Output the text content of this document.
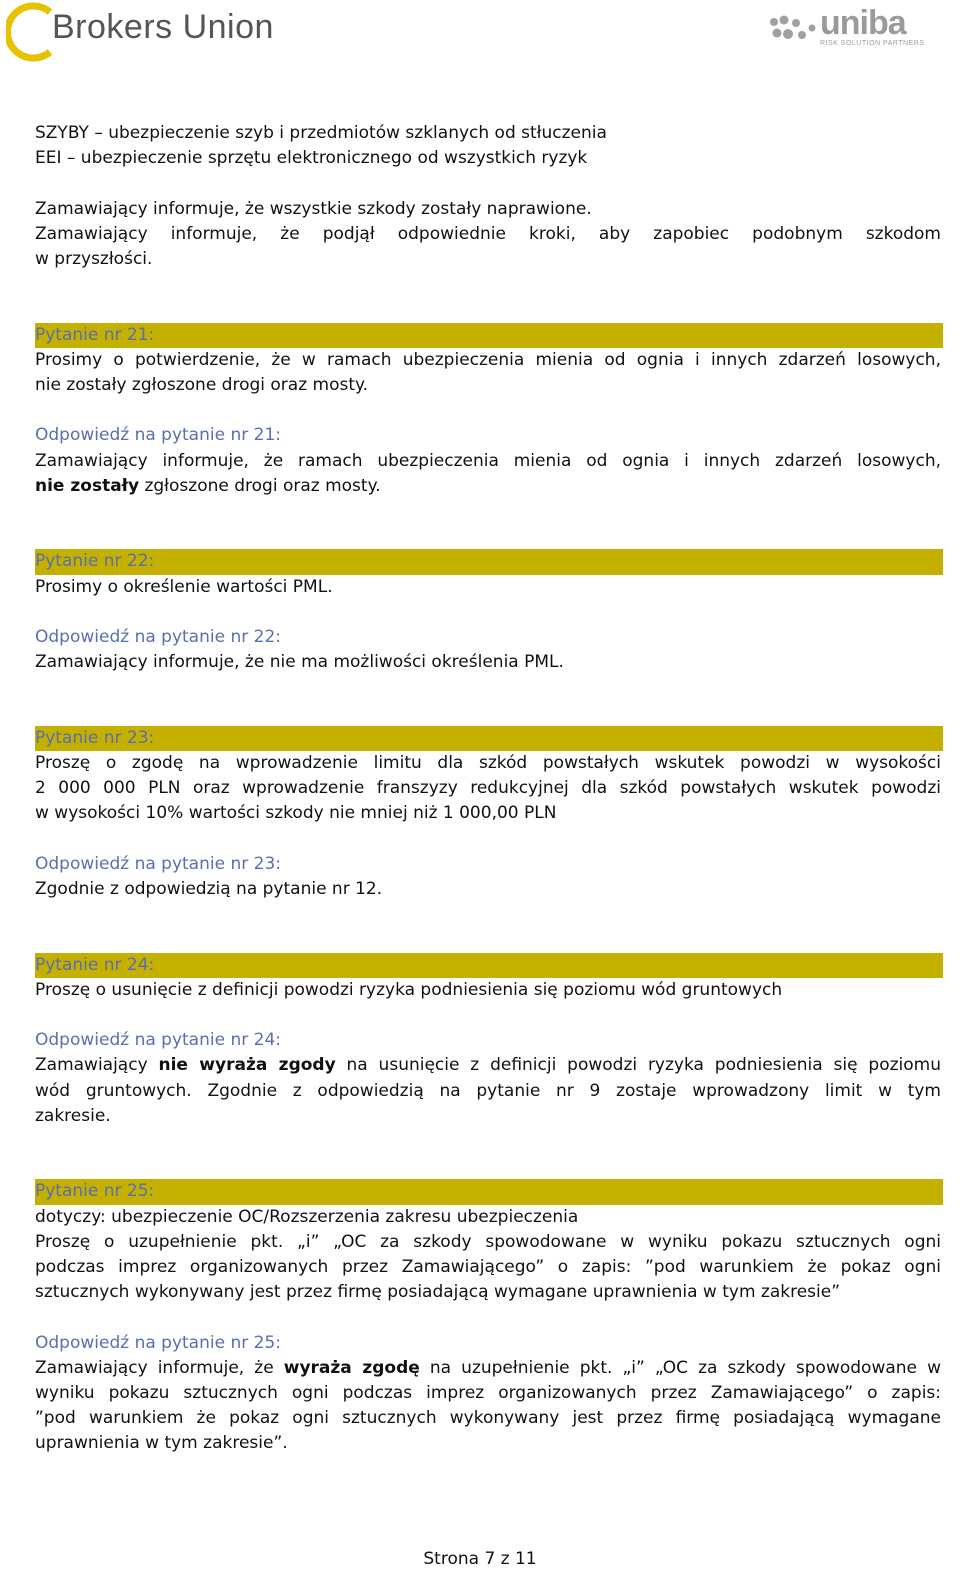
Brokers Union	uniba
RISK SOLUTION PARTNERS
SZYBY – ubezpieczenie szyb i przedmiotów szklanych od stłuczenia
EEI – ubezpieczenie sprzętu elektronicznego od wszystkich ryzyk
Zamawiający informuje, że wszystkie szkody zostały naprawione.
Zamawiający informuje, że podjął odpowiednie kroki, aby zapobiec podobnym szkodom
w przyszłości.
Pytanie nr 21:
Prosimy o potwierdzenie, że w ramach ubezpieczenia mienia od ognia i innych zdarzeń losowych,
nie zostały zgłoszone drogi oraz mosty.
Odpowiedź na pytanie nr 21:
Zamawiający informuje, że ramach ubezpieczenia mienia od ognia i innych zdarzeń losowych,
nie zostały zgłoszone drogi oraz mosty.
Pytanie nr 22:
Prosimy o określenie wartości PML.
Odpowiedź na pytanie nr 22:
Zamawiający informuje, że nie ma możliwości określenia PML.
Pytanie nr 23:
Proszę o zgodę na wprowadzenie limitu dla szkód powstałych wskutek powodzi w wysokości
2 000 000 PLN oraz wprowadzenie franszyzy redukcyjnej dla szkód powstałych wskutek powodzi
w wysokości 10% wartości szkody nie mniej niż 1 000,00 PLN
Odpowiedź na pytanie nr 23:
Zgodnie z odpowiedzią na pytanie nr 12.
Pytanie nr 24:
Proszę o usunięcie z definicji powodzi ryzyka podniesienia się poziomu wód gruntowych
Odpowiedź na pytanie nr 24:
Zamawiający nie wyraża zgody na usunięcie z definicji powodzi ryzyka podniesienia się poziomu
wód gruntowych. Zgodnie z odpowiedzią na pytanie nr 9 zostaje wprowadzony limit w tym
zakresie.
Pytanie nr 25:
dotyczy: ubezpieczenie OC/Rozszerzenia zakresu ubezpieczenia
Proszę o uzupełnienie pkt. „i” „OC za szkody spowodowane w wyniku pokazu sztucznych ogni
podczas imprez organizowanych przez Zamawiającego” o zapis: ”pod warunkiem że pokaz ogni
sztucznych wykonywany jest przez firmę posiadającą wymagane uprawnienia w tym zakresie”
Odpowiedź na pytanie nr 25:
Zamawiający informuje, że wyraża zgodę na uzupełnienie pkt. „i” „OC za szkody spowodowane w
wyniku pokazu sztucznych ogni podczas imprez organizowanych przez Zamawiającego” o zapis:
”pod warunkiem że pokaz ogni sztucznych wykonywany jest przez firmę posiadającą wymagane
uprawnienia w tym zakresie”.
Strona 7 z 11
